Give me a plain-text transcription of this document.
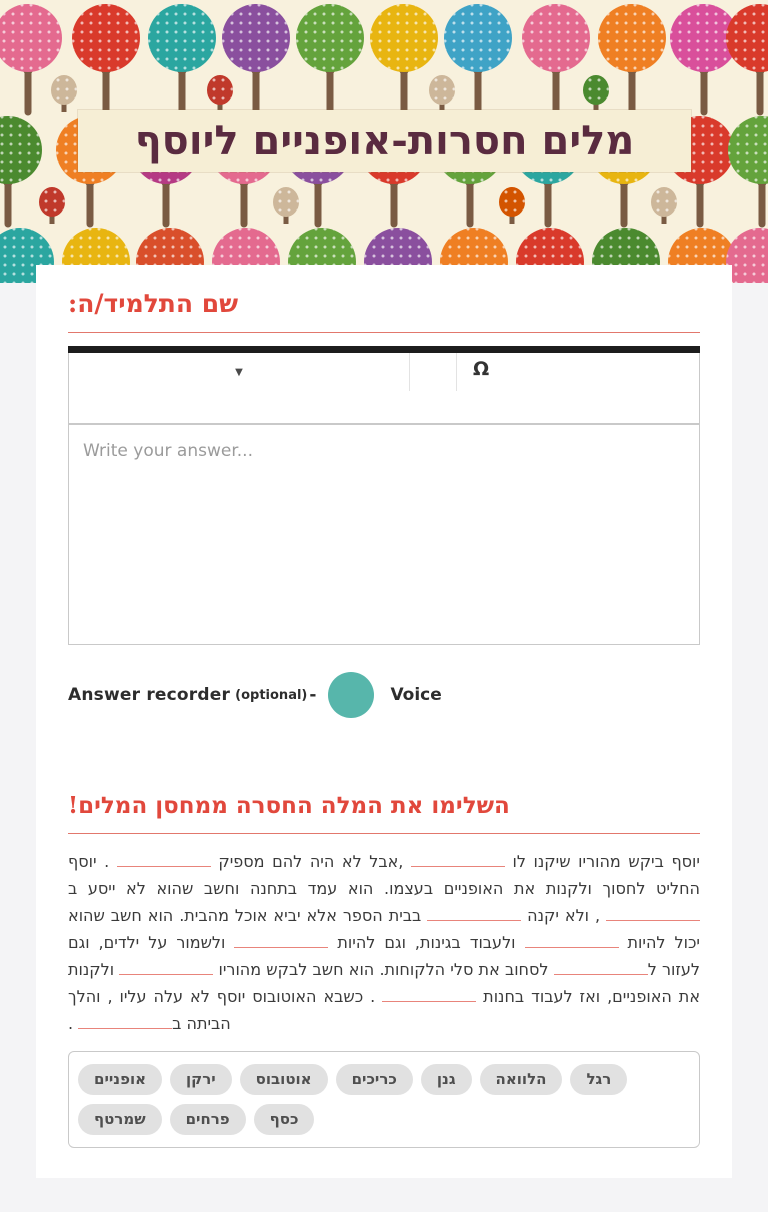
מלים חסרות-אופניים ליוסף
שם התלמיד/ה:
▼	Ω
Write your answer...
Answer recorder
(optional) -	Voice
השלימו את המלה החסרה ממחסן המלים!

יוסף ביקש מהוריו שיקנו לו  ,אבל לא היה להם מספיק  . יוסף החליט לחסוך ולקנות את האופניים בעצמו. הוא עמד בתחנה וחשב שהוא לא ייסע ב , ולא יקנה  בבית הספר אלא יביא אוכל מהבית. הוא חשב שהוא יכול להיות  ולעבוד בגינות, וגם להיות  ולשמור על ילדים, וגם לעזור ל לסחוב את סלי הלקוחות. הוא חשב לבקש מהוריו  ולקנות את האופניים, ואז לעבוד בחנות  . כשבא האוטובוס יוסף לא עלה עליו , והלך הביתה ב .

אופניים	ירקן	אוטובוס	כריכים	גנן	הלוואה	רגל
שמרטף	פרחים	כסף
